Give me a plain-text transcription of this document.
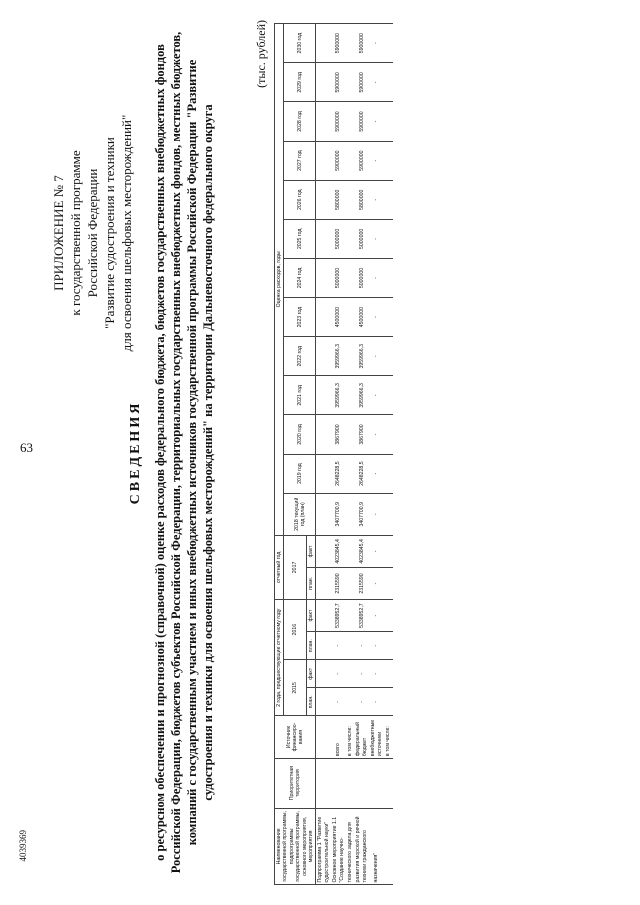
63
4039369
ПРИЛОЖЕНИЕ № 7 к государственной программе Российской Федерации "Развитие судостроения и техники для освоения шельфовых месторождений"
СВЕДЕНИЯ о ресурсном обеспечении и прогнозной (справочной) оценке расходов федерального бюджета, бюджетов государственных внебюджетных фондов Российской Федерации, бюджетов субъектов Российской Федерации, территориальных государственных внебюджетных фондов, местных бюджетов, компаний с государственным участием и иных внебюджетных источников государственной программы Российской Федерации "Развитие судостроения и техники для освоения шельфовых месторождений" на территории Дальневосточного федерального округа
(тыс. рублей)
Наименование государственной программы, подпрограммы государственной программы, основного мероприятия, мероприятия	Приоритетная территория	Источник финансиро-вания	2 года, предшествующие отчетному году				отчетный год		Оценка расходов, годы												
			2015		2016		2017		2018 текущий год (план)	2019 год	2020 год	2021 год	2022 год	2023 год	2024 год	2025 год	2026 год	2027 год	2028 год	2029 год	2030 год
			план.	факт	план.	факт	план.	факт													
Подпрограмма 1 "Развитие судостроительной науки"																					
Основное мероприятие 1.1 "Создание научно-		всего	-	-	-	5338952,7	2315590	4023845,4	3407700,9	2648228,5	3867900	3959966,3	3959966,3	4500000	5000000	5000000	5800000	5900000	5900000	5900000	5900000
технического задела для		в том числе:																			
развития морской и речной техники гражданского		федеральный бюджет	-	-	-	5338952,7	2315590	4023845,4	3407700,9	2648228,5	3867900	3959966,3	3959966,3	4500000	5000000	5000000	5800000	5900000	5900000	5900000	5900000
назначения"		внебюджетные источники	-	-	-	-	-	-	-	-	-	-	-	-	-	-	-	-	-	-	-
		в том числе:																			
